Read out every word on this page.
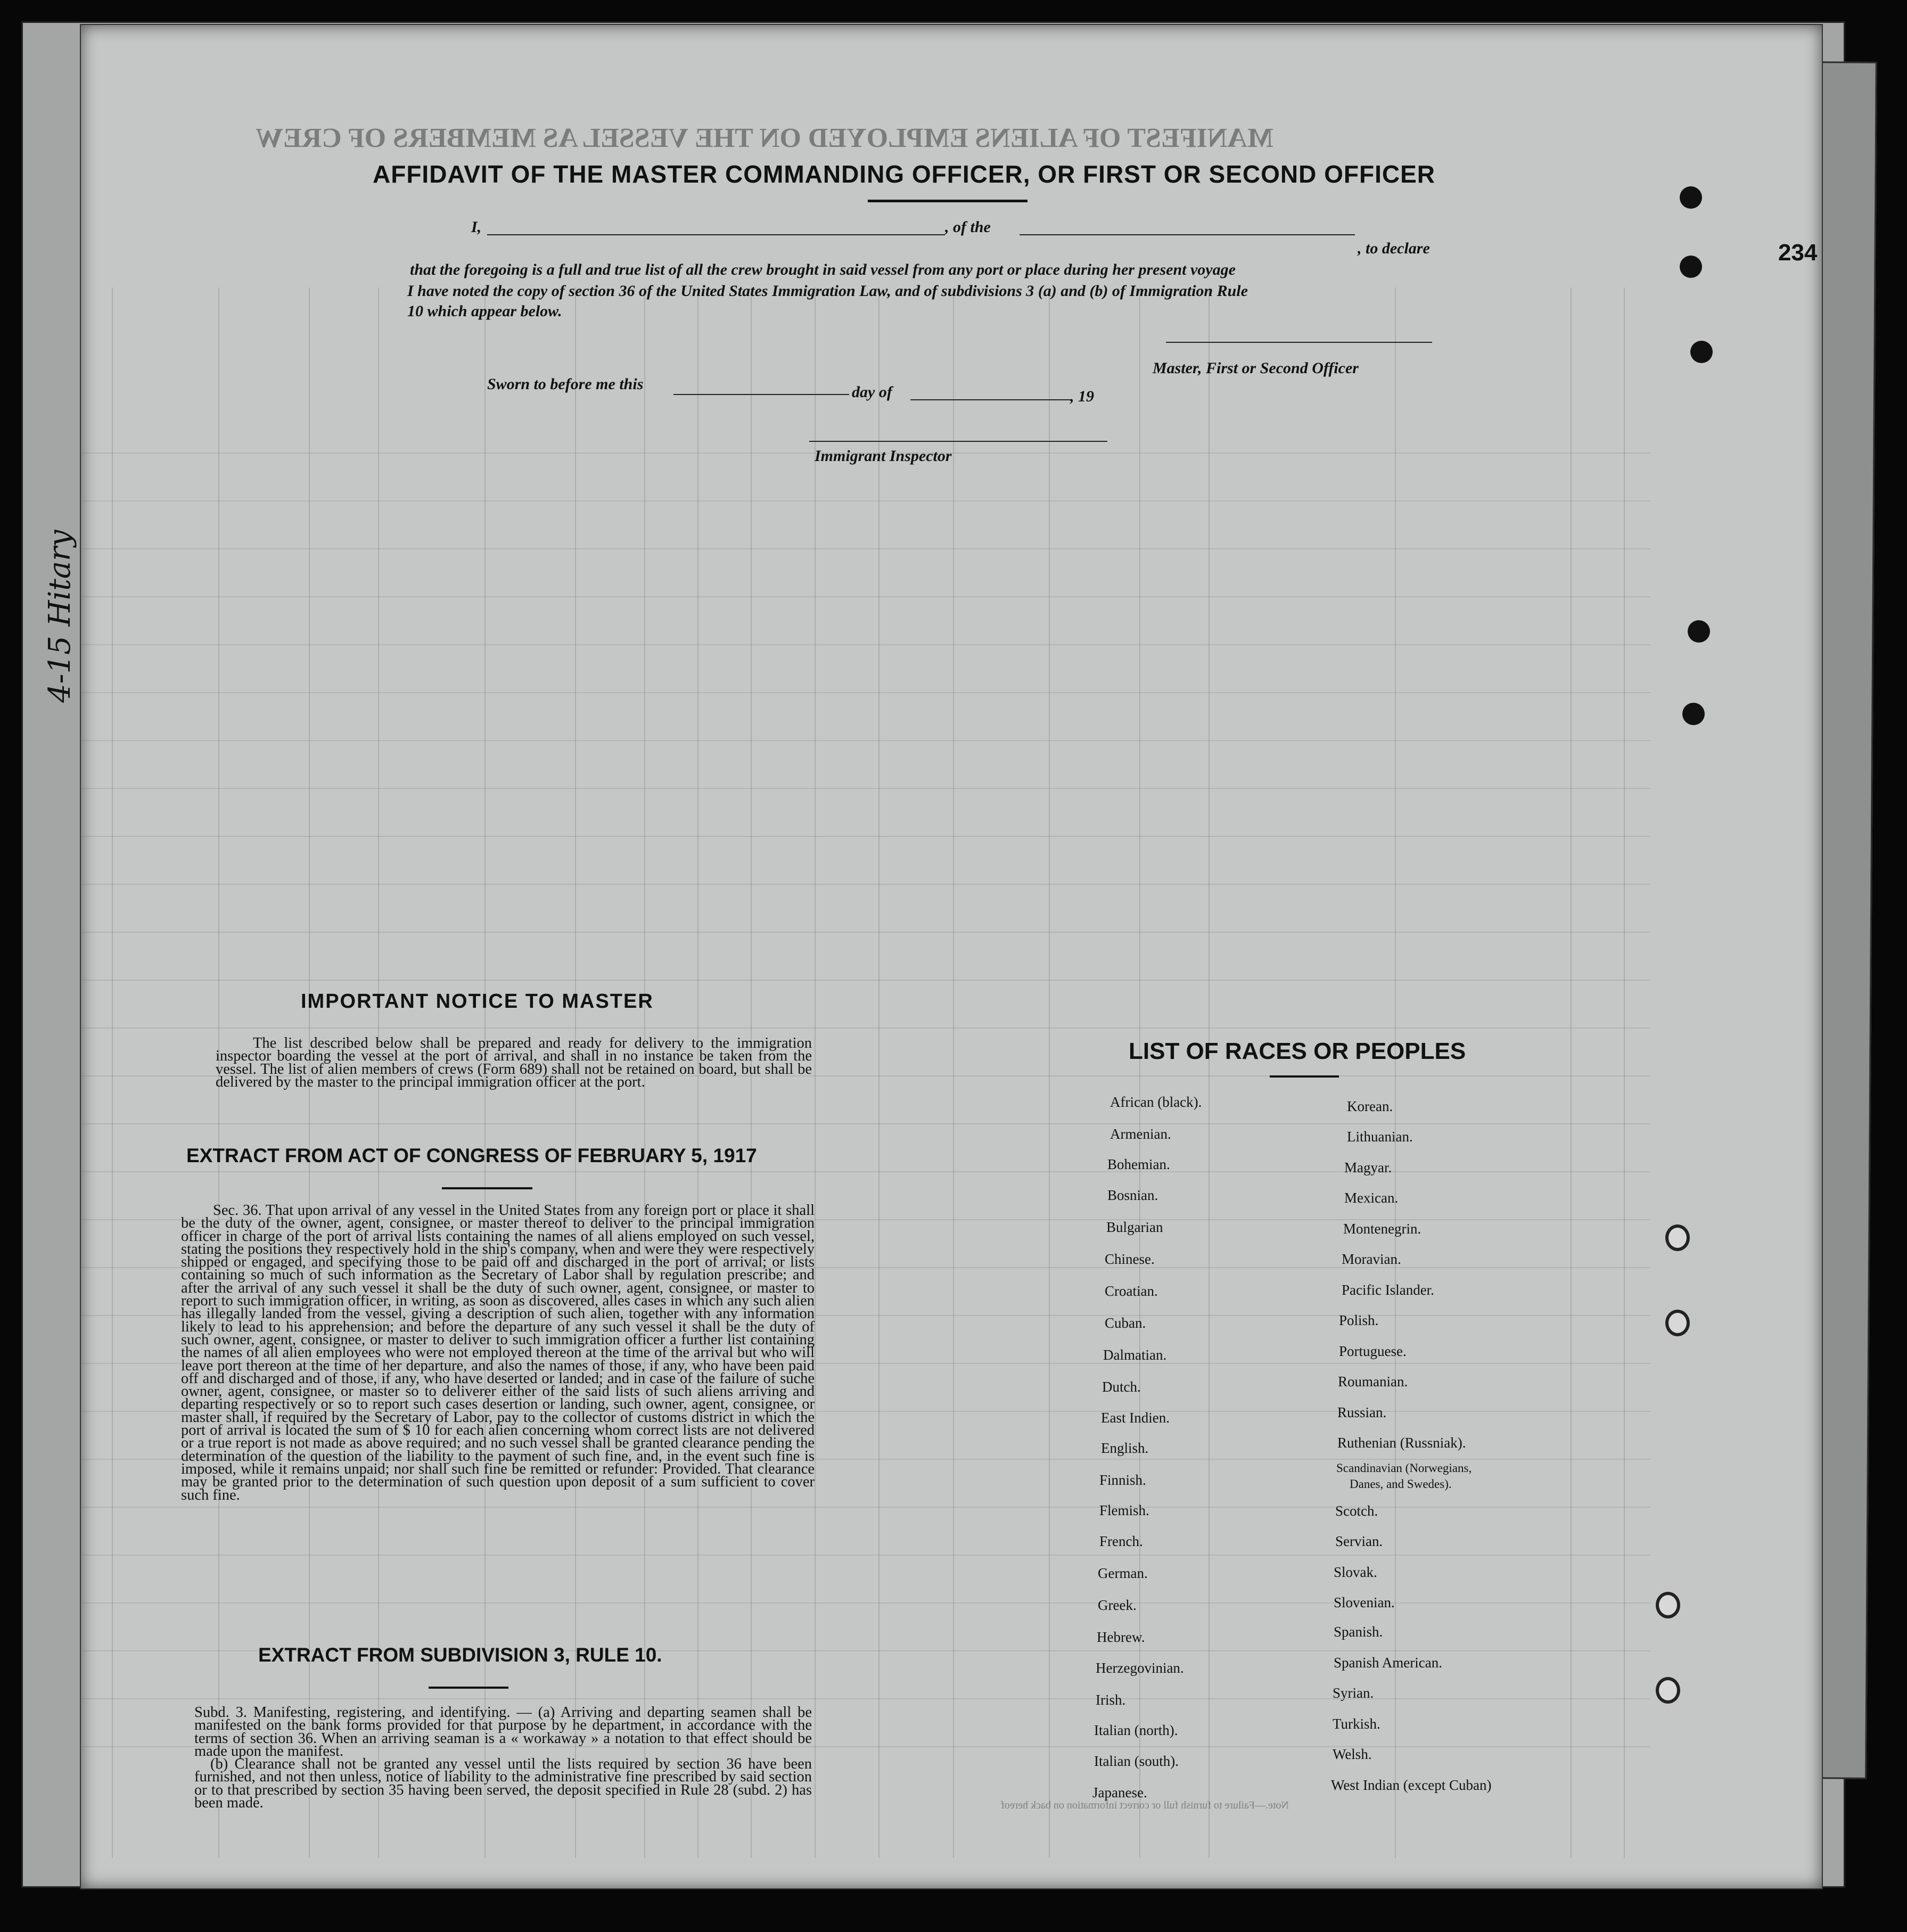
MANIFEST OF ALIENS EMPLOYED ON THE VESSEL AS MEMBERS OF CREW
234
4-15 Hitary
AFFIDAVIT OF THE MASTER COMMANDING OFFICER, OR FIRST OR SECOND OFFICER
I,	, of the
, to declare
that the foregoing is a full and true list of all the crew brought in said vessel from any port or place during her present voyage
I have noted the copy of section 36 of the United States Immigration Law, and of subdivisions 3 (a) and (b) of Immigration Rule
10 which appear below.
Master, First or Second Officer
Sworn to before me this	day of	, 19
Immigrant Inspector
IMPORTANT NOTICE TO MASTER

The list described below shall be prepared and ready for delivery to the immigration inspector boarding the vessel at the port of arrival, and shall in no instance be taken from the vessel. The list of alien members of crews (Form 689) shall not be retained on board, but shall be delivered by the master to the principal immigration officer at the port.

EXTRACT FROM ACT OF CONGRESS OF FEBRUARY 5, 1917

Sec. 36. That upon arrival of any vessel in the United States from any foreign port or place it shall be the duty of the owner, agent, consignee, or master thereof to deliver to the principal immigration officer in charge of the port of arrival lists containing the names of all aliens employed on such vessel, stating the positions they respectively hold in the ship's company, when and were they were respectively shipped or engaged, and specifying those to be paid off and discharged in the port of arrival; or lists containing so much of such information as the Secretary of Labor shall by regulation prescribe; and after the arrival of any such vessel it shall be the duty of such owner, agent, consignee, or master to report to such immigration officer, in writing, as soon as discovered, alles cases in which any such alien has illegally landed from the vessel, giving a description of such alien, together with any information likely to lead to his apprehension; and before the departure of any such vessel it shall be the duty of such owner, agent, consignee, or master to deliver to such immigration officer a further list containing the names of all alien employees who were not employed thereon at the time of the arrival but who will leave port thereon at the time of her departure, and also the names of those, if any, who have been paid off and discharged and of those, if any, who have deserted or landed; and in case of the failure of suche owner, agent, consignee, or master so to deliverer either of the said lists of such aliens arriving and departing respectively or so to report such cases desertion or landing, such owner, agent, consignee, or master shall, if required by the Secretary of Labor, pay to the collector of customs district in which the port of arrival is located the sum of $ 10 for each alien concerning whom correct lists are not delivered or a true report is not made as above required; and no such vessel shall be granted clearance pending the determination of the question of the liability to the payment of such fine, and, in the event such fine is imposed, while it remains unpaid; nor shall such fine be remitted or refunder: Provided. That clearance may be granted prior to the determination of such question upon deposit of a sum sufficient to cover such fine.

EXTRACT FROM SUBDIVISION 3, RULE 10.

Subd. 3. Manifesting, registering, and identifying. — (a) Arriving and departing seamen shall be manifested on the bank forms provided for that purpose by he department, in accordance with the terms of section 36. When an arriving seaman is a « workaway » a notation to that effect should be made upon the manifest.

(b) Clearance shall not be granted any vessel until the lists required by section 36 have been furnished, and not then unless, notice of liability to the administrative fine prescribed by said section or to that prescribed by section 35 having been served, the deposit specified in Rule 28 (subd. 2) has been made.

LIST OF RACES OR PEOPLES
African (black).
Armenian.
Bohemian.
Bosnian.
Bulgarian
Chinese.
Croatian.
Cuban.
Dalmatian.
Dutch.
East Indien.
English.
Finnish.
Flemish.
French.
German.
Greek.
Hebrew.
Herzegovinian.
Irish.
Italian (north).
Italian (south).
Japanese.
Korean.
Lithuanian.
Magyar.
Mexican.
Montenegrin.
Moravian.
Pacific Islander.
Polish.
Portuguese.
Roumanian.
Russian.
Ruthenian (Russniak).
Scandinavian (Norwegians,
Danes, and Swedes).
Scotch.
Servian.
Slovak.
Slovenian.
Spanish.
Spanish American.
Syrian.
Turkish.
Welsh.
West Indian (except Cuban)
Note.—Failure to furnish full or correct information on back hereof
